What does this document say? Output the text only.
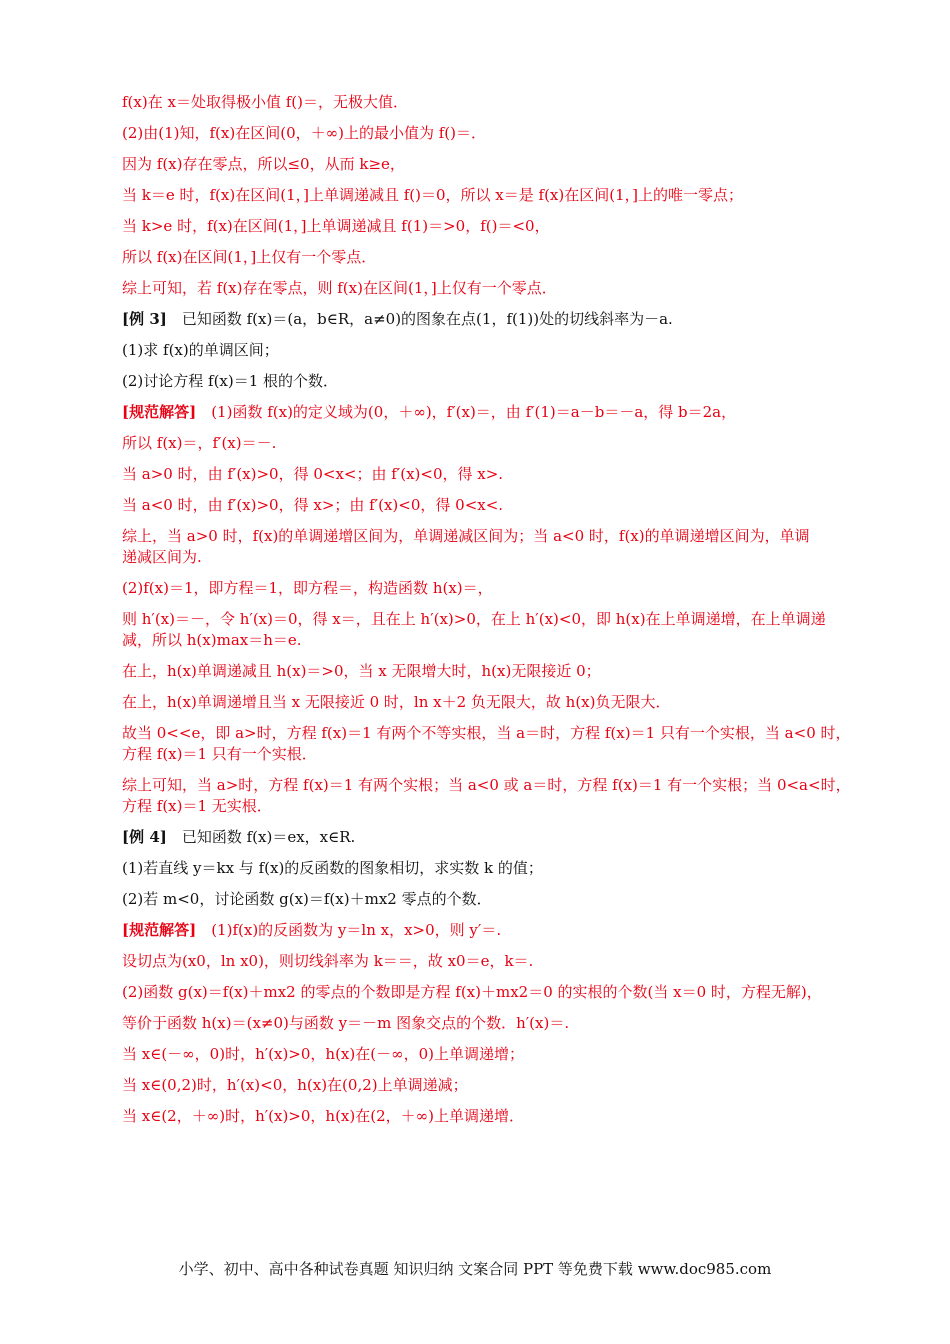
f(x)在 x＝处取得极小值 f()＝，无极大值．
(2)由(1)知，f(x)在区间(0，＋∞)上的最小值为 f()＝．
因为 f(x)存在零点，所以≤0，从而 k≥e，
当 k＝e 时，f(x)在区间(1，]上单调递减且 f()＝0，所以 x＝是 f(x)在区间(1，]上的唯一零点；
当 k>e 时，f(x)在区间(1，]上单调递减且 f(1)＝>0，f()＝<0，
所以 f(x)在区间(1，]上仅有一个零点．
综上可知，若 f(x)存在零点，则 f(x)在区间(1，]上仅有一个零点．
[例 3]　已知函数 f(x)＝(a，b∈R，a≠0)的图象在点(1，f(1))处的切线斜率为－a.
(1)求 f(x)的单调区间；
(2)讨论方程 f(x)＝1 根的个数．
[规范解答]　(1)函数 f(x)的定义域为(0，＋∞)，f′(x)＝，由 f′(1)＝a－b＝－a，得 b＝2a，
所以 f(x)＝，f′(x)＝－.
当 a>0 时，由 f′(x)>0，得 0<x<；由 f′(x)<0，得 x>.
当 a<0 时，由 f′(x)>0，得 x>；由 f′(x)<0，得 0<x<.
综上，当 a>0 时，f(x)的单调递增区间为，单调递减区间为；当 a<0 时，f(x)的单调递增区间为，单调
递减区间为.
(2)f(x)＝1，即方程＝1，即方程＝，构造函数 h(x)＝，
则 h′(x)＝－，令 h′(x)＝0，得 x＝，且在上 h′(x)>0，在上 h′(x)<0，即 h(x)在上单调递增，在上单调递
减，所以 h(x)max＝h＝e.
在上，h(x)单调递减且 h(x)＝>0，当 x 无限增大时，h(x)无限接近 0；
在上，h(x)单调递增且当 x 无限接近 0 时，ln x＋2 负无限大，故 h(x)负无限大．
故当 0<<e，即 a>时，方程 f(x)＝1 有两个不等实根，当 a＝时，方程 f(x)＝1 只有一个实根，当 a<0 时，
方程 f(x)＝1 只有一个实根．
综上可知，当 a>时，方程 f(x)＝1 有两个实根；当 a<0 或 a＝时，方程 f(x)＝1 有一个实根；当 0<a<时，
方程 f(x)＝1 无实根．
[例 4]　已知函数 f(x)＝ex，x∈R.
(1)若直线 y＝kx 与 f(x)的反函数的图象相切，求实数 k 的值；
(2)若 m<0，讨论函数 g(x)＝f(x)＋mx2 零点的个数．
[规范解答]　(1)f(x)的反函数为 y＝ln x，x>0，则 y′＝.
设切点为(x0，ln x0)，则切线斜率为 k＝＝，故 x0＝e，k＝.
(2)函数 g(x)＝f(x)＋mx2 的零点的个数即是方程 f(x)＋mx2＝0 的实根的个数(当 x＝0 时，方程无解)，
等价于函数 h(x)＝(x≠0)与函数 y＝－m 图象交点的个数．h′(x)＝.
当 x∈(－∞，0)时，h′(x)>0，h(x)在(－∞，0)上单调递增；
当 x∈(0,2)时，h′(x)<0，h(x)在(0,2)上单调递减；
当 x∈(2，＋∞)时，h′(x)>0，h(x)在(2，＋∞)上单调递增．
小学、初中、高中各种试卷真题 知识归纳 文案合同 PPT 等免费下载 www.doc985.com
